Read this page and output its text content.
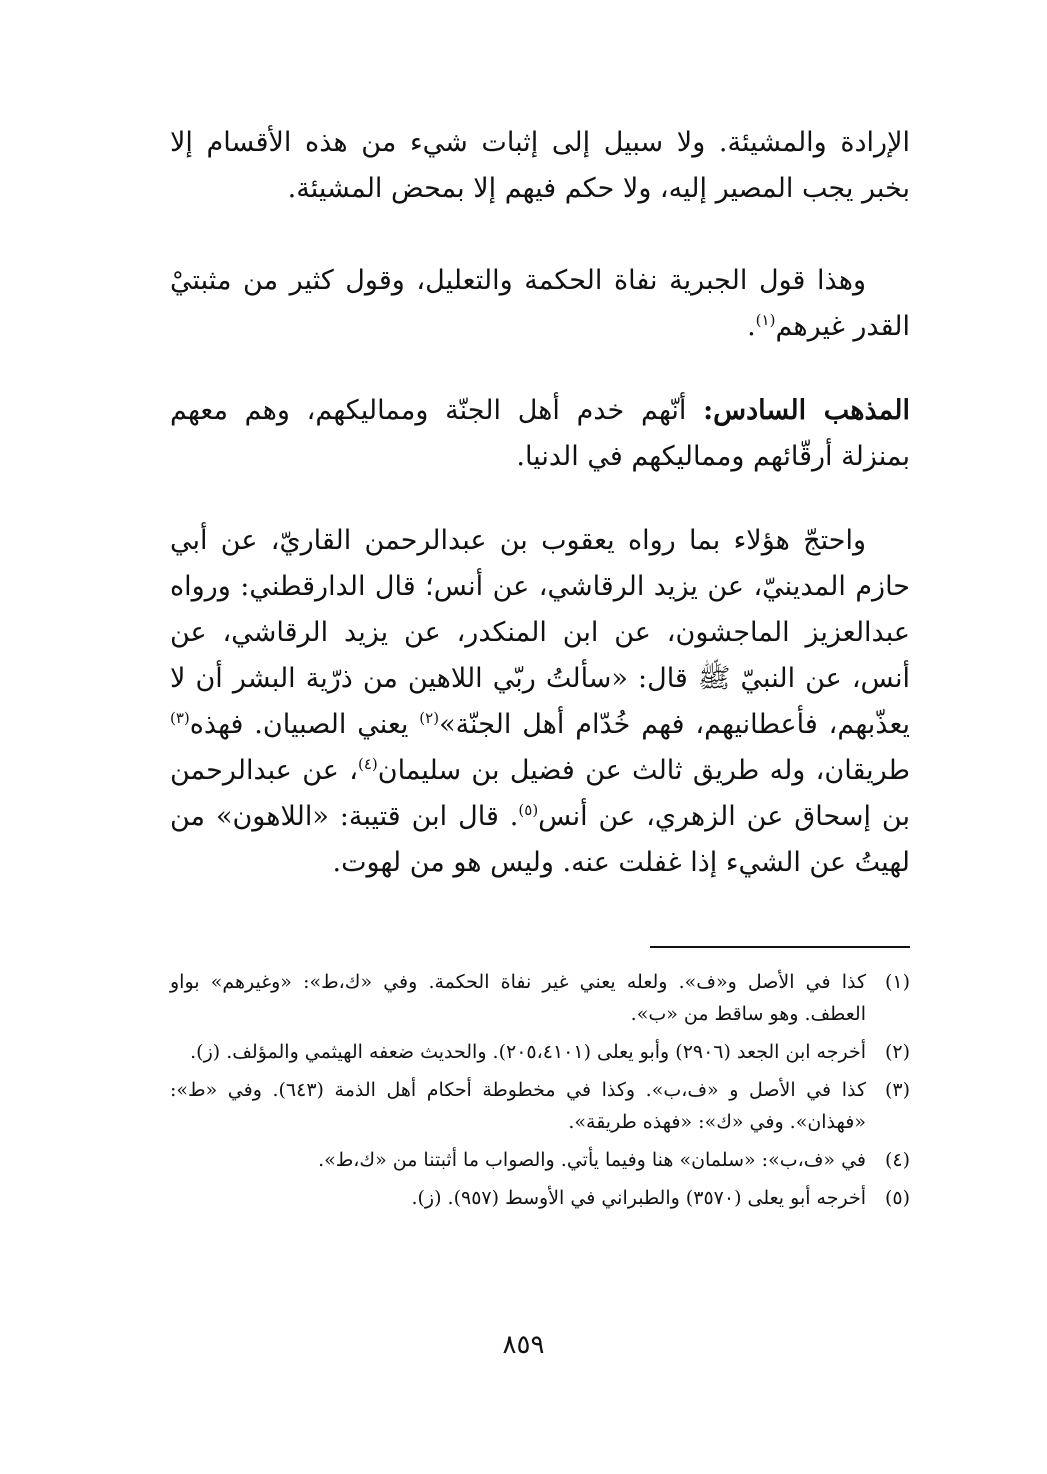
الإرادة والمشيئة. ولا سبيل إلى إثبات شيء من هذه الأقسام إلا بخبر يجب المصير إليه، ولا حكم فيهم إلا بمحض المشيئة.
وهذا قول الجبرية نفاة الحكمة والتعليل، وقول كثير من مثبتيْ القدر غيرهم$^{(١)}$.
المذهب السادس: أنّهم خدم أهل الجنّة ومماليكهم، وهم معهم بمنزلة أرقّائهم ومماليكهم في الدنيا.
واحتجّ هؤلاء بما رواه يعقوب بن عبدالرحمن القاريّ، عن أبي حازم المدينيّ، عن يزيد الرقاشي، عن أنس؛ قال الدارقطني: ورواه عبدالعزيز الماجشون، عن ابن المنكدر، عن يزيد الرقاشي، عن أنس، عن النبيّ ﷺ قال: «سألتُ ربّي اللاهين من ذرّية البشر أن لا يعذّبهم، فأعطانيهم، فهم خُدّام أهل الجنّة»$^{(٢)}$ يعني الصبيان. فهذه$^{(٣)}$ طريقان، وله طريق ثالث عن فضيل بن سليمان$^{(٤)}$، عن عبدالرحمن بن إسحاق عن الزهري، عن أنس$^{(٥)}$. قال ابن قتيبة: «اللاهون» من لهيتُ عن الشيء إذا غفلت عنه. وليس هو من لهوت.
(١)
كذا في الأصل و«ف». ولعله يعني غير نفاة الحكمة. وفي «ك،ط»: «وغيرهم» بواو العطف. وهو ساقط من «ب».
(٢)
أخرجه ابن الجعد (٢٩٠٦) وأبو يعلى (٢٠٥،٤١٠١). والحديث ضعفه الهيثمي والمؤلف. (ز).
(٣)
كذا في الأصل و «ف،ب». وكذا في مخطوطة أحكام أهل الذمة (٦٤٣). وفي «ط»: «فهذان». وفي «ك»: «فهذه طريقة».
(٤)
في «ف،ب»: «سلمان» هنا وفيما يأتي. والصواب ما أثبتنا من «ك،ط».
(٥)
أخرجه أبو يعلى (٣٥٧٠) والطبراني في الأوسط (٩٥٧). (ز).
٨٥٩
